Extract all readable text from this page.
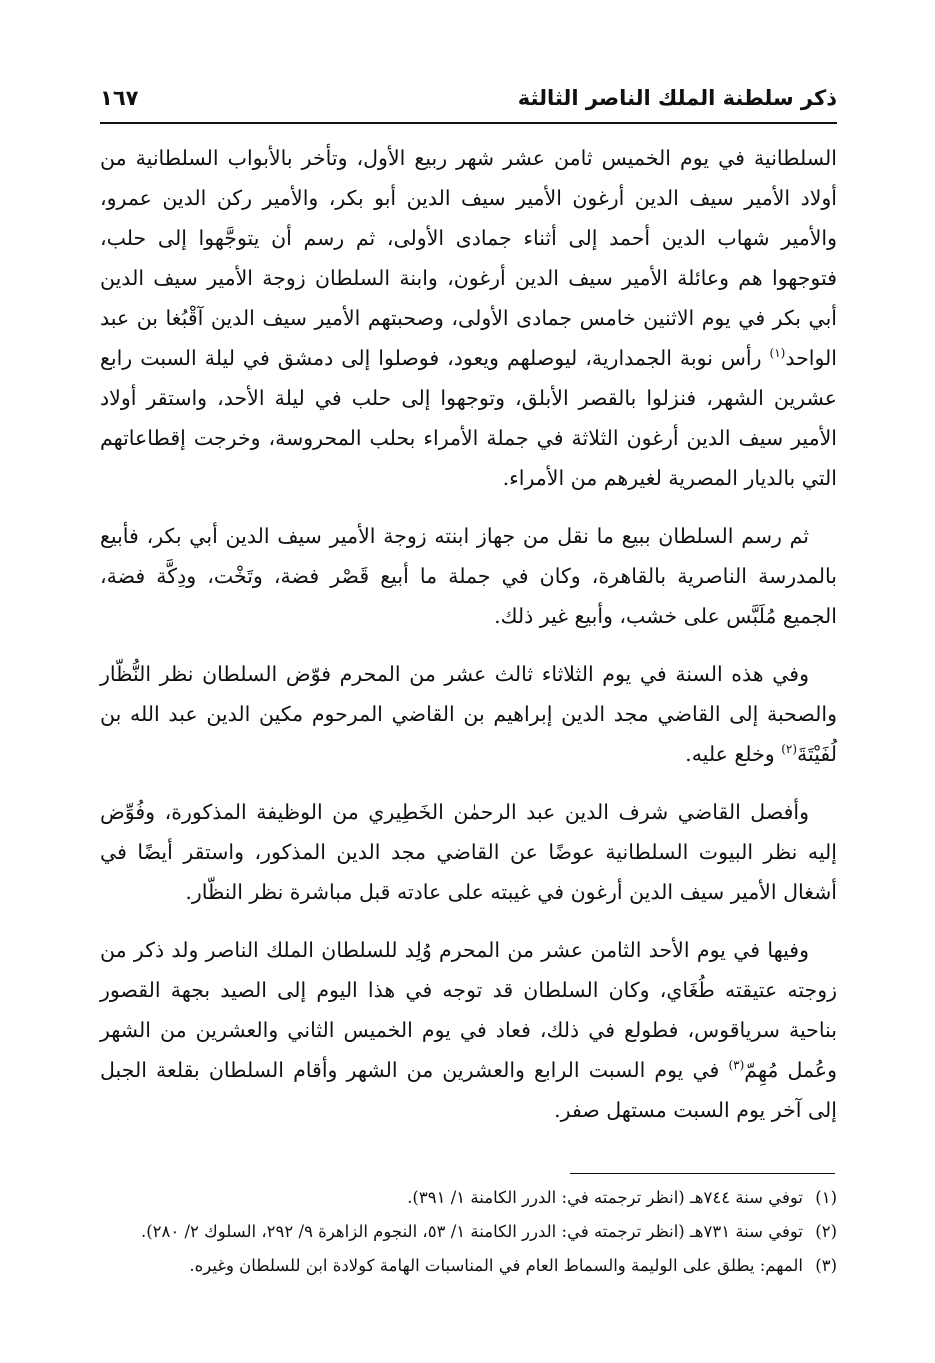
ذكر سلطنة الملك الناصر الثالثة
١٦٧

السلطانية في يوم الخميس ثامن عشر شهر ربيع الأول، وتأخر بالأبواب السلطانية من أولاد الأمير سيف الدين أرغون الأمير سيف الدين أبو بكر، والأمير ركن الدين عمرو، والأمير شهاب الدين أحمد إلى أثناء جمادى الأولى، ثم رسم أن يتوجَّهوا إلى حلب، فتوجهوا هم وعائلة الأمير سيف الدين أرغون، وابنة السلطان زوجة الأمير سيف الدين أبي بكر في يوم الاثنين خامس جمادى الأولى، وصحبتهم الأمير سيف الدين آقْبُغا بن عبد الواحد$^{(١)}$ رأس نوبة الجمدارية، ليوصلهم ويعود، فوصلوا إلى دمشق في ليلة السبت رابع عشرين الشهر، فنزلوا بالقصر الأبلق، وتوجهوا إلى حلب في ليلة الأحد، واستقر أولاد الأمير سيف الدين أرغون الثلاثة في جملة الأمراء بحلب المحروسة، وخرجت إقطاعاتهم التي بالديار المصرية لغيرهم من الأمراء.

ثم رسم السلطان ببيع ما نقل من جهاز ابنته زوجة الأمير سيف الدين أبي بكر، فأبيع بالمدرسة الناصرية بالقاهرة، وكان في جملة ما أبيع قَصْر فضة، وتَخْت، ودِكَّة فضة، الجميع مُلَبَّس على خشب، وأبيع غير ذلك.

وفي هذه السنة في يوم الثلاثاء ثالث عشر من المحرم فوّض السلطان نظر النُّظّار والصحبة إلى القاضي مجد الدين إبراهيم بن القاضي المرحوم مكين الدين عبد الله بن لُفَيْتَةَ$^{(٢)}$ وخلع عليه.

وأفصل القاضي شرف الدين عبد الرحمٰن الخَطِيري من الوظيفة المذكورة، وفُوِّض إليه نظر البيوت السلطانية عوضًا عن القاضي مجد الدين المذكور، واستقر أيضًا في أشغال الأمير سيف الدين أرغون في غيبته على عادته قبل مباشرة نظر النظّار.

وفيها في يوم الأحد الثامن عشر من المحرم وُلِد للسلطان الملك الناصر ولد ذكر من زوجته عتيقته طُغَاي، وكان السلطان قد توجه في هذا اليوم إلى الصيد بجهة القصور بناحية سرياقوس، فطولع في ذلك، فعاد في يوم الخميس الثاني والعشرين من الشهر وعُمل مُهِمّ$^{(٣)}$ في يوم السبت الرابع والعشرين من الشهر وأقام السلطان بقلعة الجبل إلى آخر يوم السبت مستهل صفر.

(١)
توفي سنة ٧٤٤هـ (انظر ترجمته في: الدرر الكامنة ١/ ٣٩١).
(٢)
توفي سنة ٧٣١هـ (انظر ترجمته في: الدرر الكامنة ١/ ٥٣، النجوم الزاهرة ٩/ ٢٩٢، السلوك ٢/ ٢٨٠).
(٣)
المهم: يطلق على الوليمة والسماط العام في المناسبات الهامة كولادة ابن للسلطان وغيره.
